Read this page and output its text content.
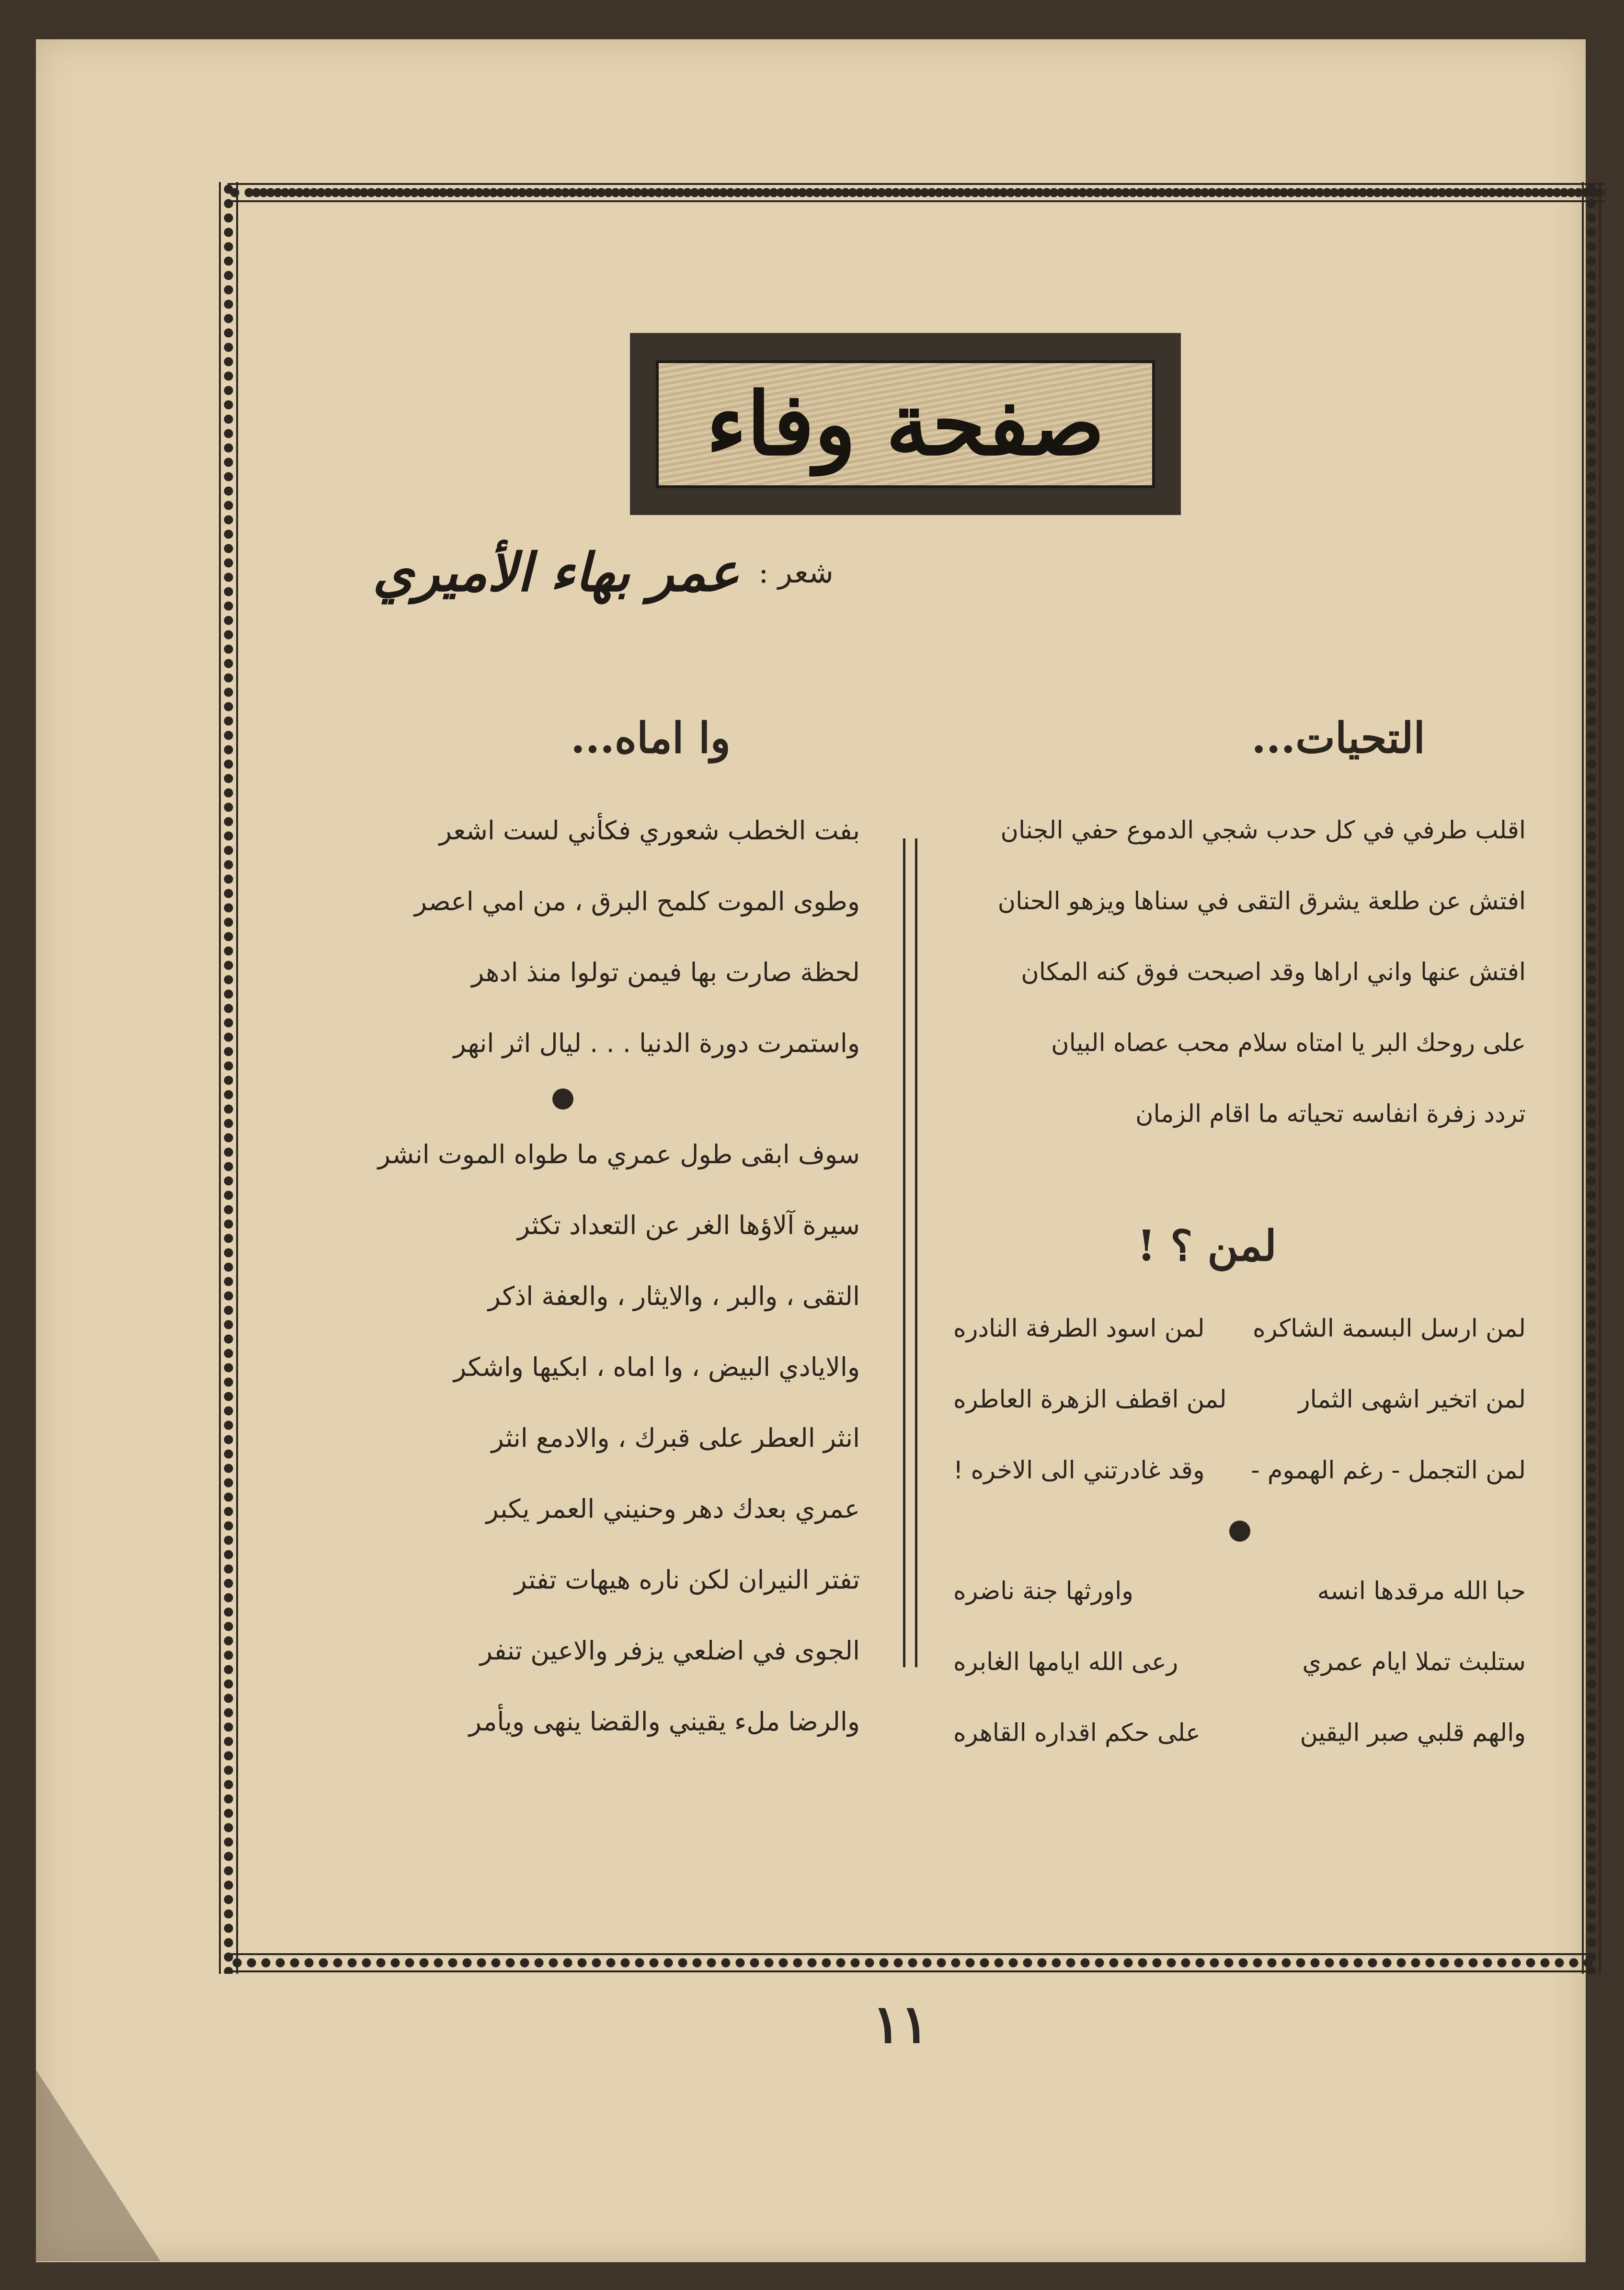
صفحة وفاء
شعر :
عمر بهاء الأميري
التحيات...

اقلب طرفي في كل حدب شجي الدموع حفي الجنان

افتش عن طلعة يشرق التقى في سناها ويزهو الحنان

افتش عنها واني اراها وقد اصبحت فوق كنه المكان

على روحك البر يا امتاه سلام محب عصاه البيان

تردد زفرة انفاسه تحياته ما اقام الزمان

لمن ؟ !

لمن ارسل البسمة الشاكره

لمن اسود الطرفة النادره

لمن اتخير اشهى الثمار

لمن اقطف الزهرة العاطره

لمن التجمل - رغم الهموم -

وقد غادرتني الى الاخره !

حبا الله مرقدها انسه

واورثها جنة ناضره

ستلبث تملا ايام عمري

رعى الله ايامها الغابره

والهم قلبي صبر اليقين

على حكم اقداره القاهره

وا اماه...

بفت الخطب شعوري فكأني لست اشعر

وطوى الموت كلمح البرق ، من امي اعصر

لحظة صارت بها فيمن تولوا منذ ادهر

واستمرت دورة الدنيا . . . ليال اثر انهر

سوف ابقى طول عمري ما طواه الموت انشر

سيرة آلاؤها الغر عن التعداد تكثر

التقى ، والبر ، والايثار ، والعفة اذكر

والايادي البيض ، وا اماه ، ابكيها واشكر

انثر العطر على قبرك ، والادمع انثر

عمري بعدك دهر وحنيني العمر يكبر

تفتر النيران لكن ناره هيهات تفتر

الجوى في اضلعي يزفر والاعين تنفر

والرضا ملء يقيني والقضا ينهى ويأمر

١١
